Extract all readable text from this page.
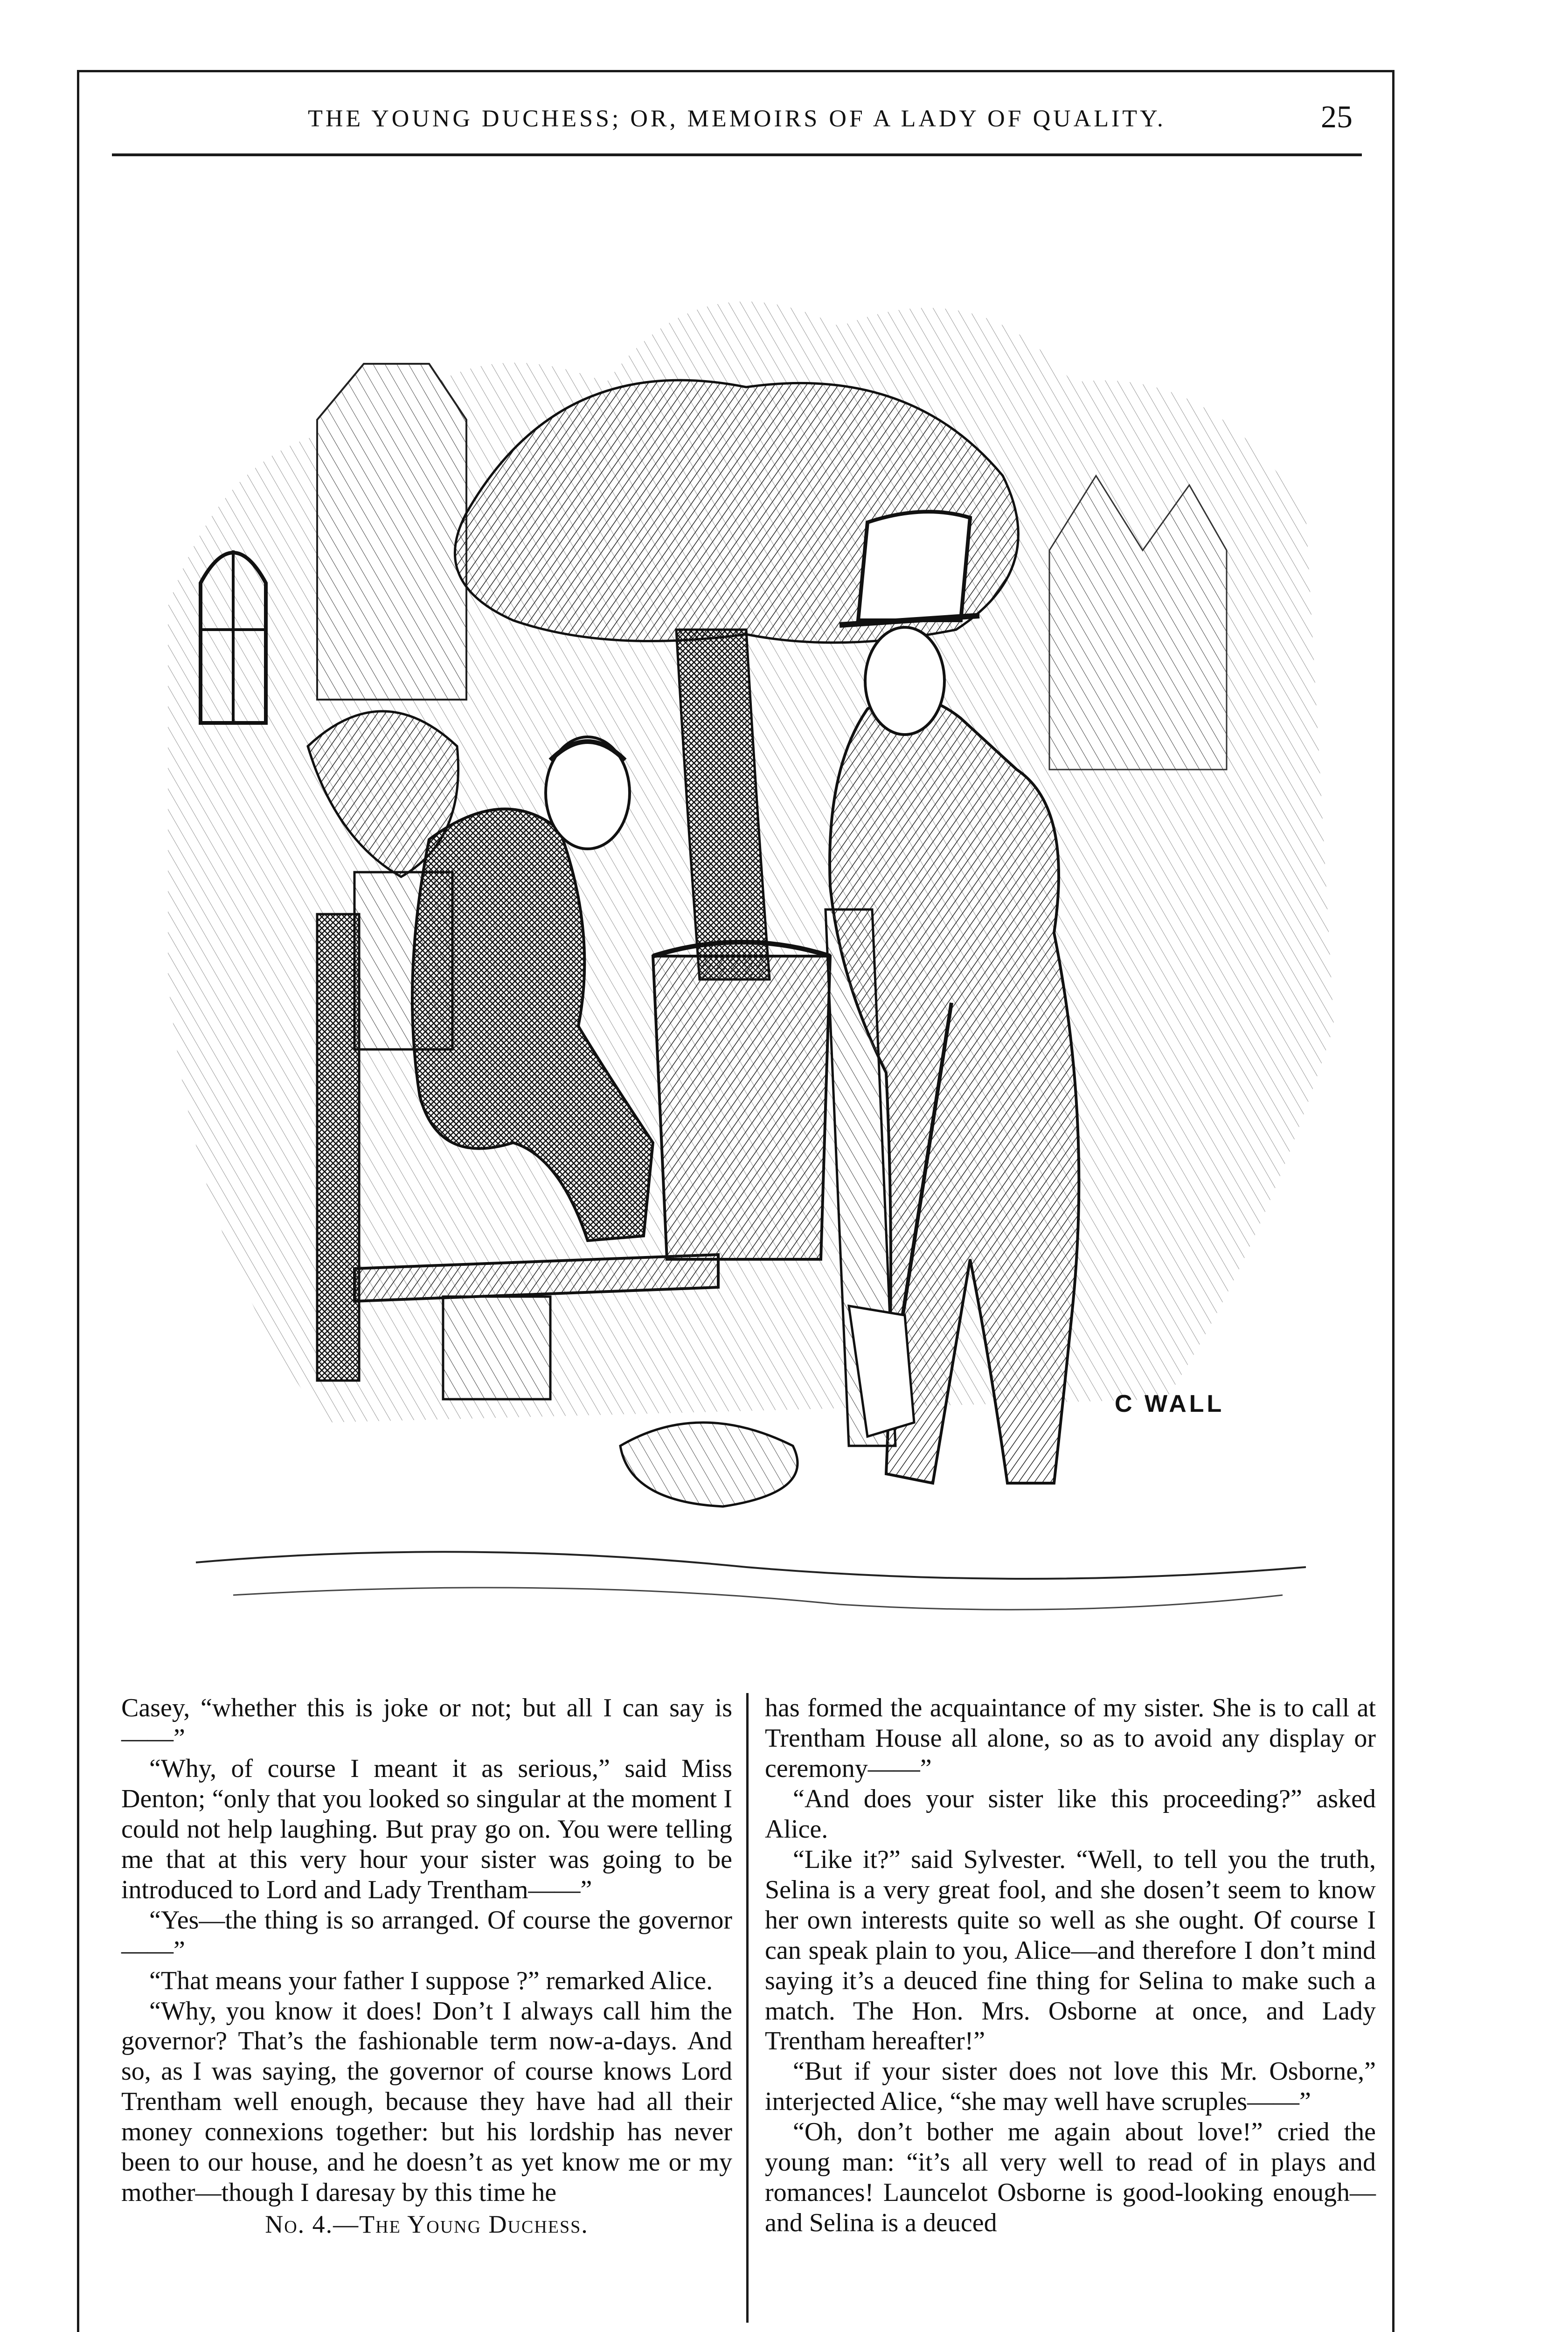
THE YOUNG DUCHESS; OR, MEMOIRS OF A LADY OF QUALITY.	25
C WALL

Casey, “whether this is joke or not; but all I can say is——”

“Why, of course I meant it as serious,” said Miss Denton; “only that you looked so singular at the moment I could not help laughing. But pray go on. You were telling me that at this very hour your sister was going to be introduced to Lord and Lady Trentham——”

“Yes—the thing is so arranged. Of course the governor——”

“That means your father I suppose ?” remarked Alice.

“Why, you know it does! Don’t I always call him the governor? That’s the fashionable term now-a-days. And so, as I was saying, the governor of course knows Lord Trentham well enough, because they have had all their money connexions together: but his lordship has never been to our house, and he doesn’t as yet know me or my mother—though I daresay by this time he

No. 4.—The Young Duchess.

has formed the acquaintance of my sister. She is to call at Trentham House all alone, so as to avoid any display or ceremony——”

“And does your sister like this proceeding?” asked Alice.

“Like it?” said Sylvester. “Well, to tell you the truth, Selina is a very great fool, and she dosen’t seem to know her own interests quite so well as she ought. Of course I can speak plain to you, Alice—and therefore I don’t mind saying it’s a deuced fine thing for Selina to make such a match. The Hon. Mrs. Osborne at once, and Lady Trentham hereafter!”

“But if your sister does not love this Mr. Osborne,” interjected Alice, “she may well have scruples——”

“Oh, don’t bother me again about love!” cried the young man: “it’s all very well to read of in plays and romances! Launcelot Osborne is good-looking enough—and Selina is a deuced
